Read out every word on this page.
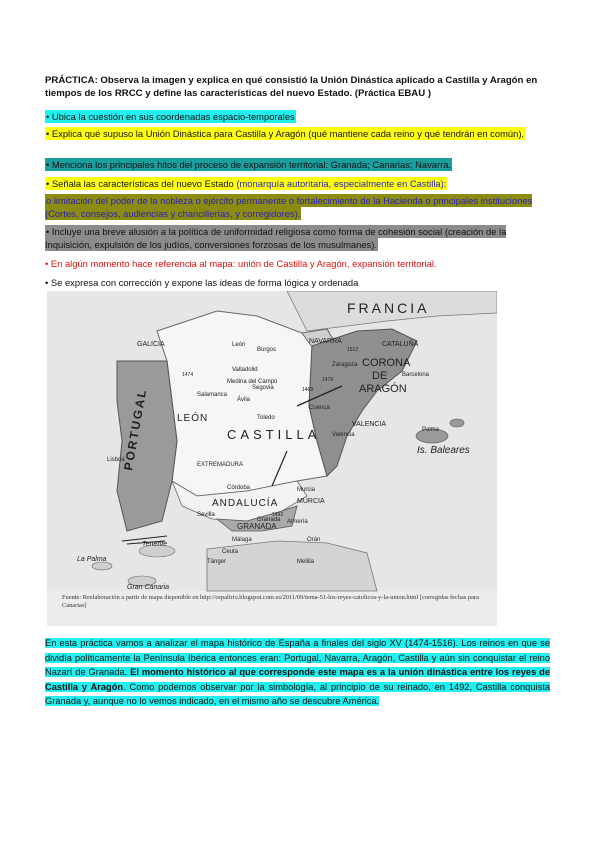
PRÁCTICA: Observa la imagen y explica en qué consistió la Unión Dinástica aplicado a Castilla y Aragón en tiempos de los RRCC y define las características del nuevo Estado. (Práctica EBAU )
• Ubica la cuestión en sus coordenadas espacio-temporales
• Explica qué supuso la Unión Dinástica para Castilla y Aragón (qué mantiene cada reino y qué tendrán en común).
• Menciona los principales hitos del proceso de expansión territorial: Granada; Canarias; Navarra.
• Señala las características del nuevo Estado (monarquía autoritaria, especialmente en Castilla):
o limitación del poder de la nobleza o ejército permanente o fortalecimiento de la Hacienda o principales instituciones (Cortes, consejos, audiencias y chancillerías, y corregidores).
• Incluye una breve alusión a la política de uniformidad religiosa como forma de cohesión social (creación de la Inquisición, expulsión de los judíos, conversiones forzosas de los musulmanes).
• En algún momento hace referencia al mapa: unión de Castilla y Aragón, expansión territorial.
• Se expresa con corrección y expone las ideas de forma lógica y ordenada
FRANCIA
NAVARRA
LEÓN
PORTUGAL	CASTILLA
CORONA
DE
ARAGÓN
CATALUÑA
VALENCIA
ANDALUCÍA
GRANADA
MURCIA
EXTREMADURA
GALICIA
Is. Baleares
León
Burgos
Valladolid
Medina del Campo
Segovia
Ávila
Toledo
Salamanca
Cuenca
Zaragoza
Barcelona
Valencia
Palma
Lisboa
Sevilla
Córdoba
Granada Almería
Málaga	Orán
Ceuta
Tánger	Melilla
Murcia
1512
1492
1479
1469
1474
Tenerife
La Palma
Gran Canaria
Fuente: Reelaboración a partir de mapa disponible en http://cepalirio.blogspot.com.es/2011/09/tema-51-los-reyes-catolicos-y-la-union.html [corregidas fechas para Canarias]
En esta práctica vamos a analizar el mapa histórico de España a finales del siglo XV (1474-1516). Los reinos en que se dividía políticamente la Península Ibérica entonces eran: Portugal, Navarra, Aragón, Castilla y aún sin conquistar el reino Nazarí de Granada. El momento histórico al que corresponde este mapa es a la unión dinástica entre los reyes de Castilla y Aragón. Como podemos observar por la simbología, al principio de su reinado, en 1492, Castilla conquista Granada y, aunque no lo vemos indicado, en el mismo año se descubre América.
